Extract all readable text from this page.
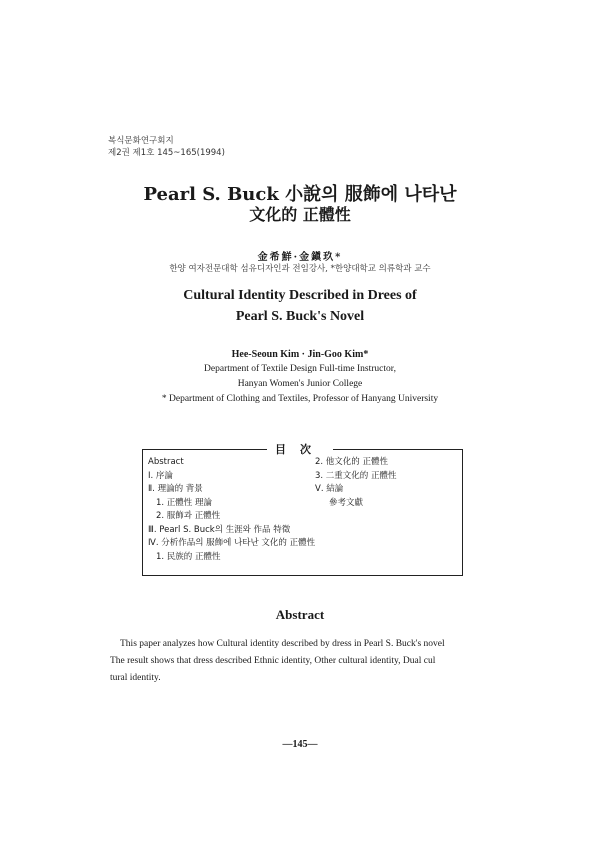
복식문화연구회지
제2권 제1호 145~165(1994)
Pearl S. Buck 小說의 服飾에 나타난
文化的 正體性
金希鮮·金鎭玖*
한양 여자전문대학 섬유디자인과 전임강사, *한양대학교 의류학과 교수
Cultural Identity Described in Drees of
Pearl S. Buck's Novel
Hee-Seoun Kim · Jin-Goo Kim*
Department of Textile Design Full-time Instructor,
Hanyan Women's Junior College
* Department of Clothing and Textiles, Professor of Hanyang University
目次
Abstract
Ⅰ. 序論
Ⅱ. 理論的 背景
1. 正體性 理論
2. 服飾과 正體性
Ⅲ. Pearl S. Buck의 生涯와 作品 特徵
Ⅳ. 分析作品의 服飾에 나타난 文化的 正體性
1. 民族的 正體性
2. 他文化的 正體性
3. 二重文化的 正體性
Ⅴ. 結論
參考文獻
Abstract

This paper analyzes how Cultural identity described by dress in Pearl S. Buck's novel

The result shows that dress described Ethnic identity, Other cultural identity, Dual cul
tural identity.
—145—
